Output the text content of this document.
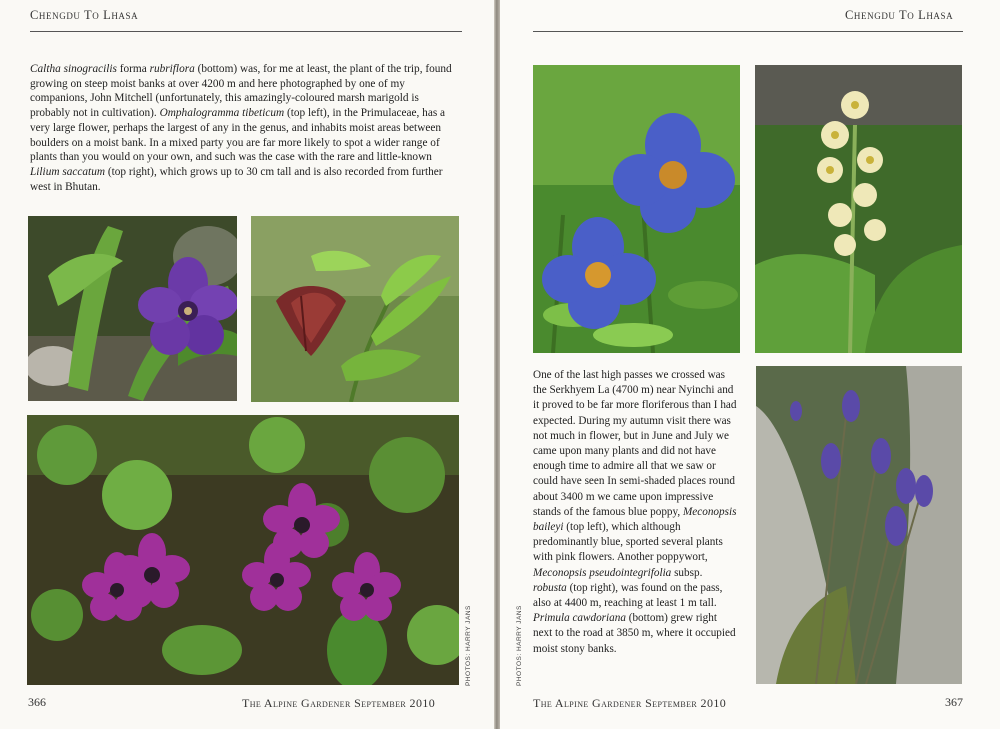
Chengdu To Lhasa
Caltha sinogracilis forma rubriflora (bottom) was, for me at least, the plant of the trip, found growing on steep moist banks at over 4200 m and here photographed by one of my companions, John Mitchell (unfortunately, this amazingly-coloured marsh marigold is probably not in cultivation). Omphalogramma tibeticum (top left), in the Primulaceae, has a very large flower, perhaps the largest of any in the genus, and inhabits moist areas between boulders on a moist bank. In a mixed party you are far more likely to spot a wider range of plants than you would on your own, and such was the case with the rare and little-known Lilium saccatum (top right), which grows up to 30 cm tall and is also recorded from further west in Bhutan.
PHOTOS: HARRY JANS
366	The Alpine Gardener September 2010
Chengdu To Lhasa
One of the last high passes we crossed was the Serkhyem La (4700 m) near Nyinchi and it proved to be far more floriferous than I had expected. During my autumn visit there was not much in flower, but in June and July we came upon many plants and did not have enough time to admire all that we saw or could have seen In semi-shaded places round about 3400 m we came upon impressive stands of the famous blue poppy, Meconopsis baileyi (top left), which although predominantly blue, sported several plants with pink flowers. Another poppywort, Meconopsis pseudointegrifolia subsp. robusta (top right), was found on the pass, also at 4400 m, reaching at least 1 m tall. Primula cawdoriana (bottom) grew right next to the road at 3850 m, where it occupied moist stony banks.
PHOTOS: HARRY JANS
The Alpine Gardener September 2010	367
